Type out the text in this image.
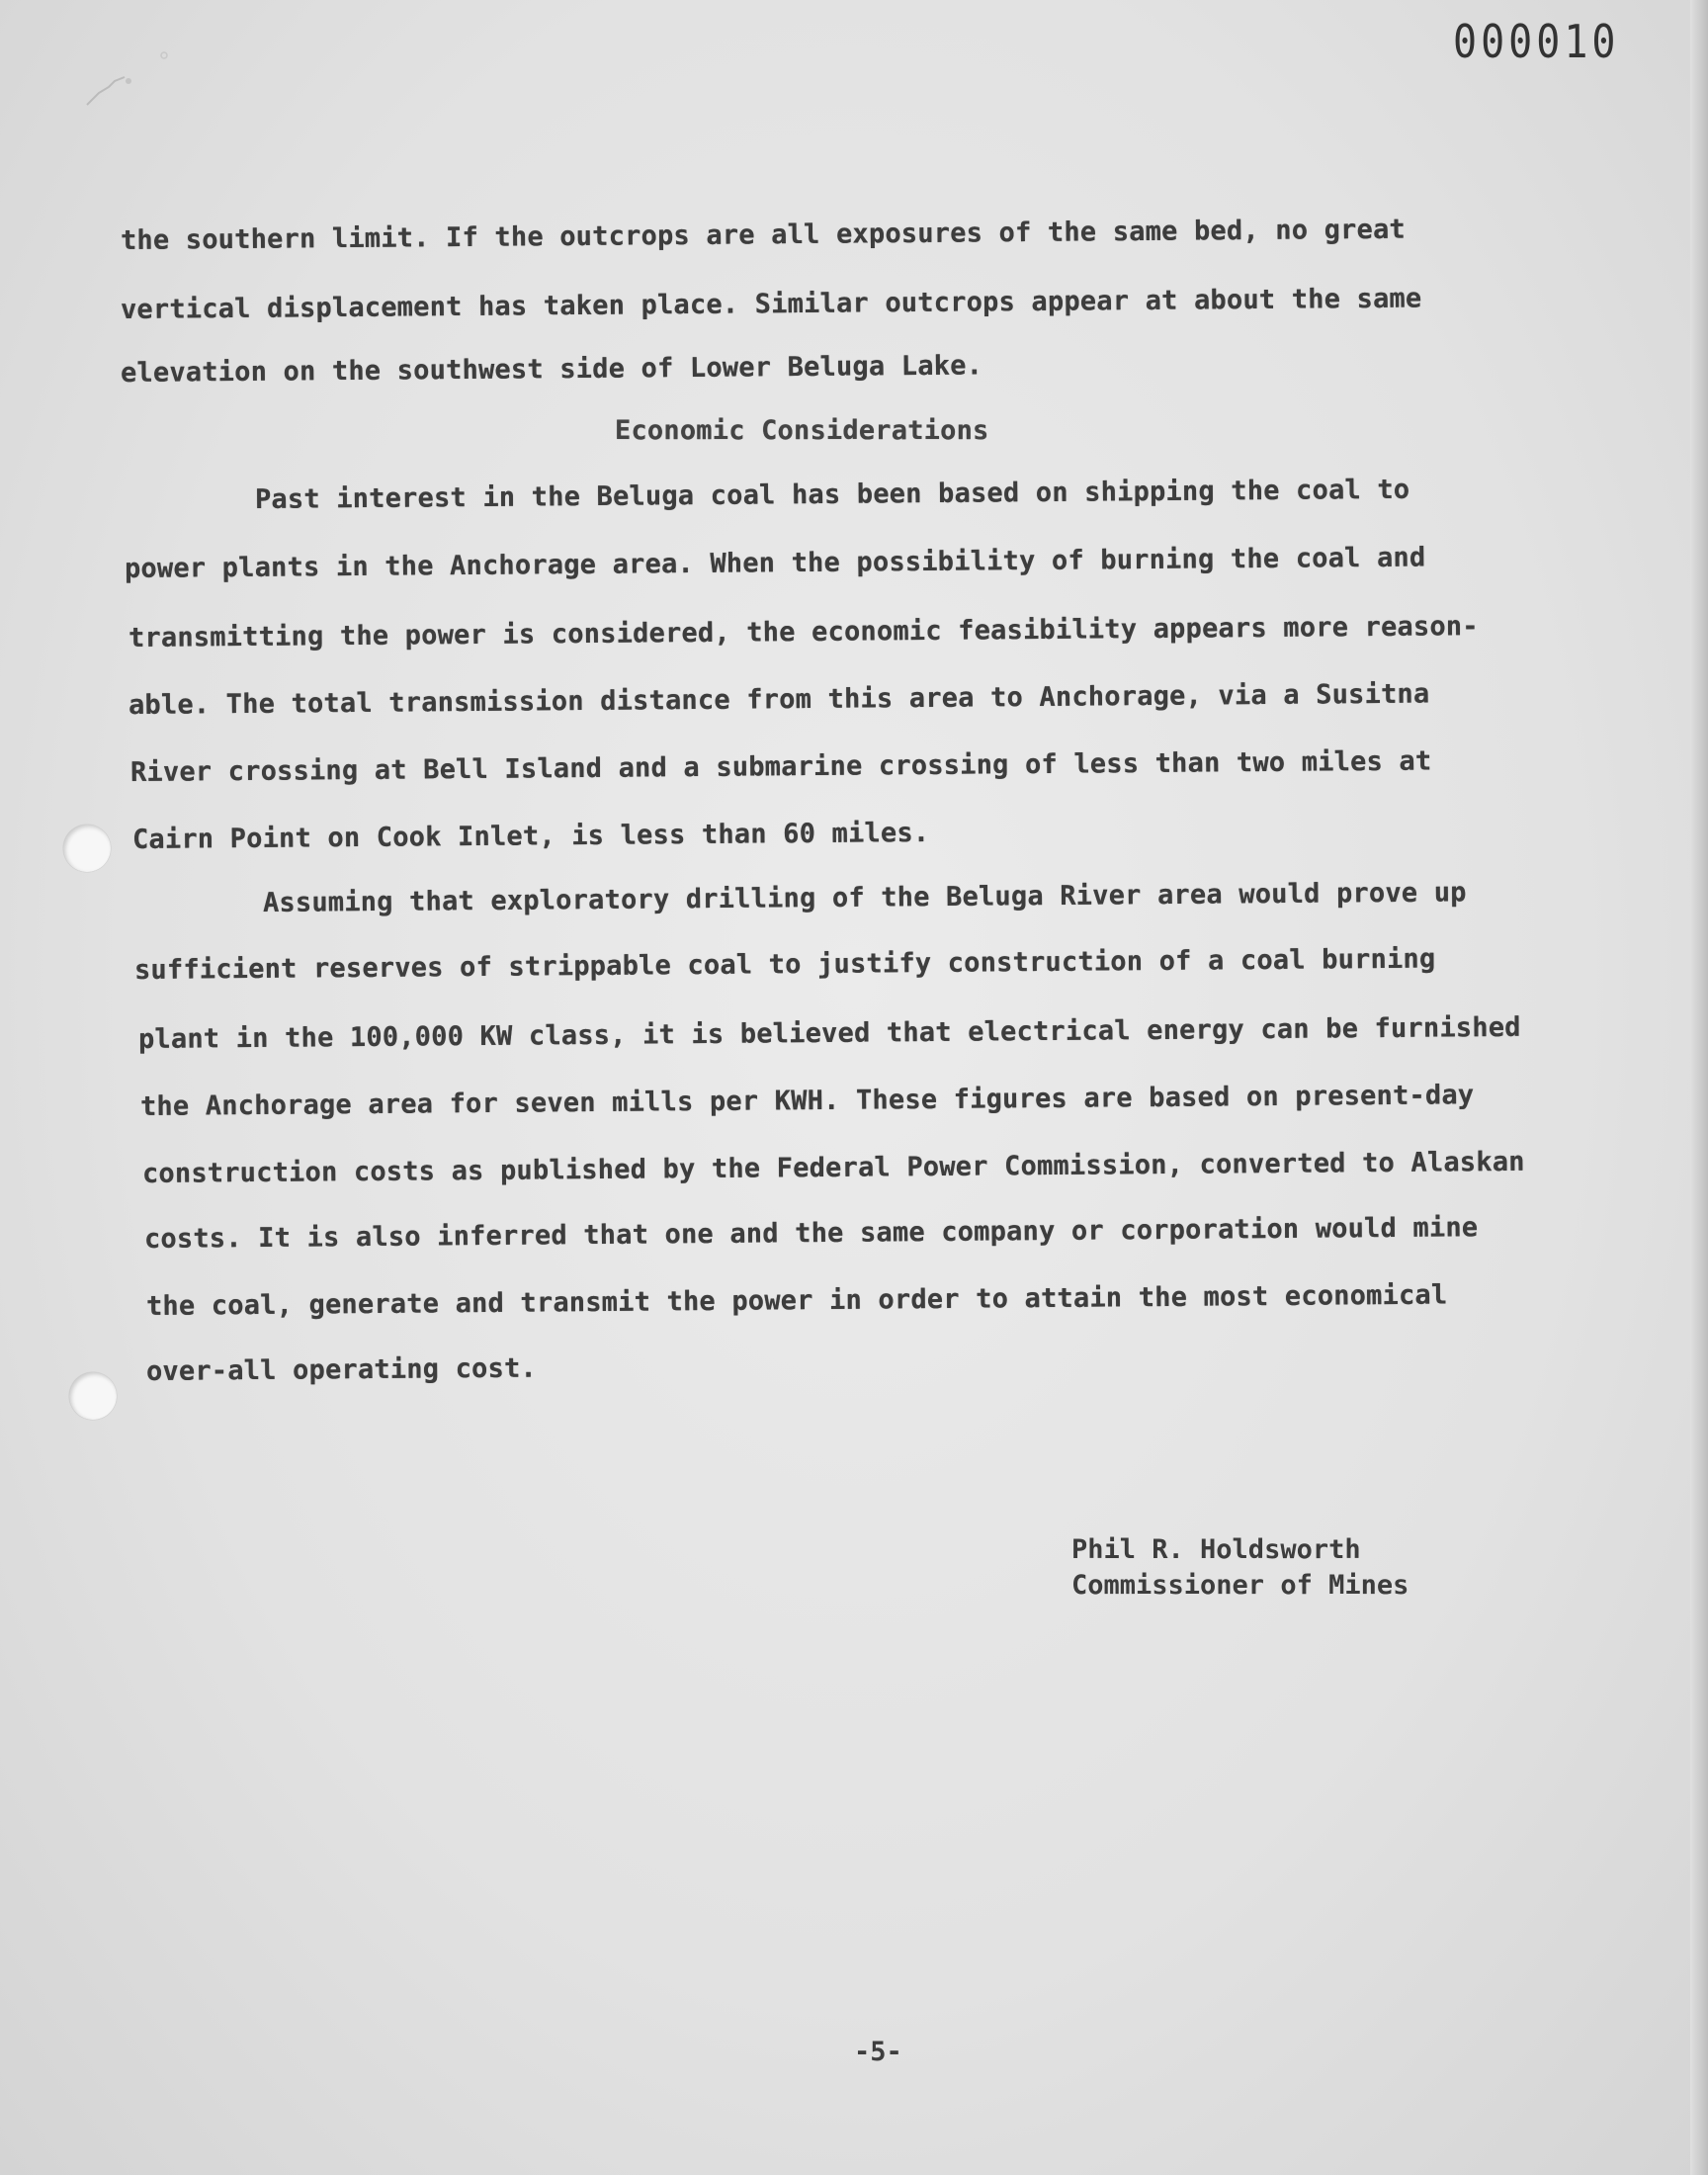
000010
the southern limit. If the outcrops are all exposures of the same bed, no great
vertical displacement has taken place. Similar outcrops appear at about the same
elevation on the southwest side of Lower Beluga Lake.
Economic Considerations
Past interest in the Beluga coal has been based on shipping the coal to
power plants in the Anchorage area. When the possibility of burning the coal and
transmitting the power is considered, the economic feasibility appears more reason-
able. The total transmission distance from this area to Anchorage, via a Susitna
River crossing at Bell Island and a submarine crossing of less than two miles at
Cairn Point on Cook Inlet, is less than 60 miles.
Assuming that exploratory drilling of the Beluga River area would prove up
sufficient reserves of strippable coal to justify construction of a coal burning
plant in the 100,000 KW class, it is believed that electrical energy can be furnished
the Anchorage area for seven mills per KWH. These figures are based on present-day
construction costs as published by the Federal Power Commission, converted to Alaskan
costs. It is also inferred that one and the same company or corporation would mine
the coal, generate and transmit the power in order to attain the most economical
over-all operating cost.
Phil R. Holdsworth
Commissioner of Mines
-5-
